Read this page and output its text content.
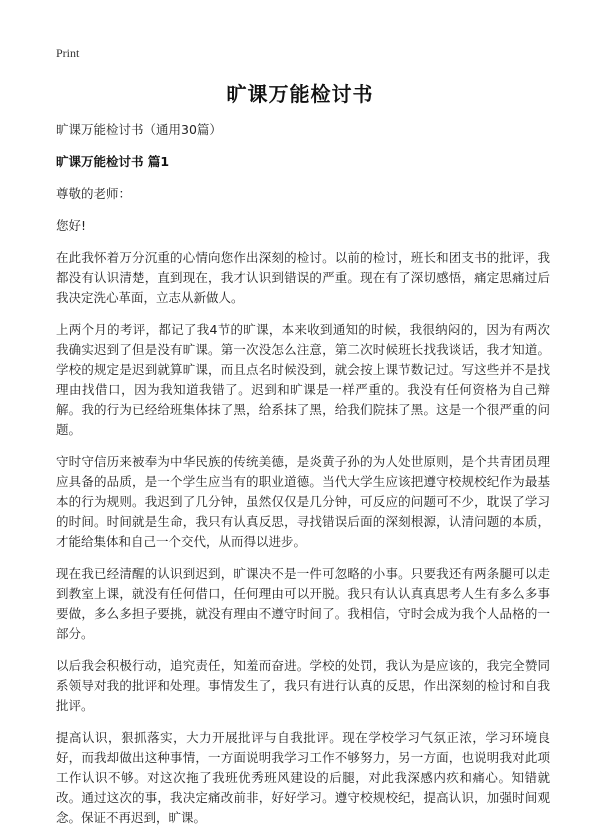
Print
旷课万能检讨书

旷课万能检讨书（通用30篇）

旷课万能检讨书 篇1

尊敬的老师：

您好!

在此我怀着万分沉重的心情向您作出深刻的检讨。以前的检讨，班长和团支书的批评，我都没有认识清楚，直到现在，我才认识到错误的严重。现在有了深切感悟，痛定思痛过后我决定洗心革面，立志从新做人。

上两个月的考评，都记了我4节的旷课，本来收到通知的时候，我很纳闷的，因为有两次我确实迟到了但是没有旷课。第一次没怎么注意，第二次时候班长找我谈话，我才知道。学校的规定是迟到就算旷课，而且点名时候没到，就会按上课节数记过。写这些并不是找理由找借口，因为我知道我错了。迟到和旷课是一样严重的。我没有任何资格为自己辩解。我的行为已经给班集体抹了黑，给系抹了黑，给我们院抹了黑。这是一个很严重的问题。

守时守信历来被奉为中华民族的传统美德，是炎黄子孙的为人处世原则，是个共青团员理应具备的品质，是一个学生应当有的职业道德。当代大学生应该把遵守校规校纪作为最基本的行为规则。我迟到了几分钟，虽然仅仅是几分钟，可反应的问题可不少，耽误了学习的时间。时间就是生命，我只有认真反思，寻找错误后面的深刻根源，认清问题的本质，才能给集体和自己一个交代，从而得以进步。

现在我已经清醒的认识到迟到，旷课决不是一件可忽略的小事。只要我还有两条腿可以走到教室上课，就没有任何借口，任何理由可以开脱。我只有认认真真思考人生有多么多事要做，多么多担子要挑，就没有理由不遵守时间了。我相信，守时会成为我个人品格的一部分。

以后我会积极行动，追究责任，知羞而奋进。学校的处罚，我认为是应该的，我完全赞同系领导对我的批评和处理。事情发生了，我只有进行认真的反思，作出深刻的检讨和自我批评。

提高认识，狠抓落实，大力开展批评与自我批评。现在学校学习气氛正浓，学习环境良好，而我却做出这种事情，一方面说明我学习工作不够努力，另一方面，也说明我对此项工作认识不够。对这次拖了我班优秀班风建设的后腿，对此我深感内疚和痛心。知错就改。通过这次的事，我决定痛改前非，好好学习。遵守校规校纪，提高认识，加强时间观念。保证不再迟到，旷课。
